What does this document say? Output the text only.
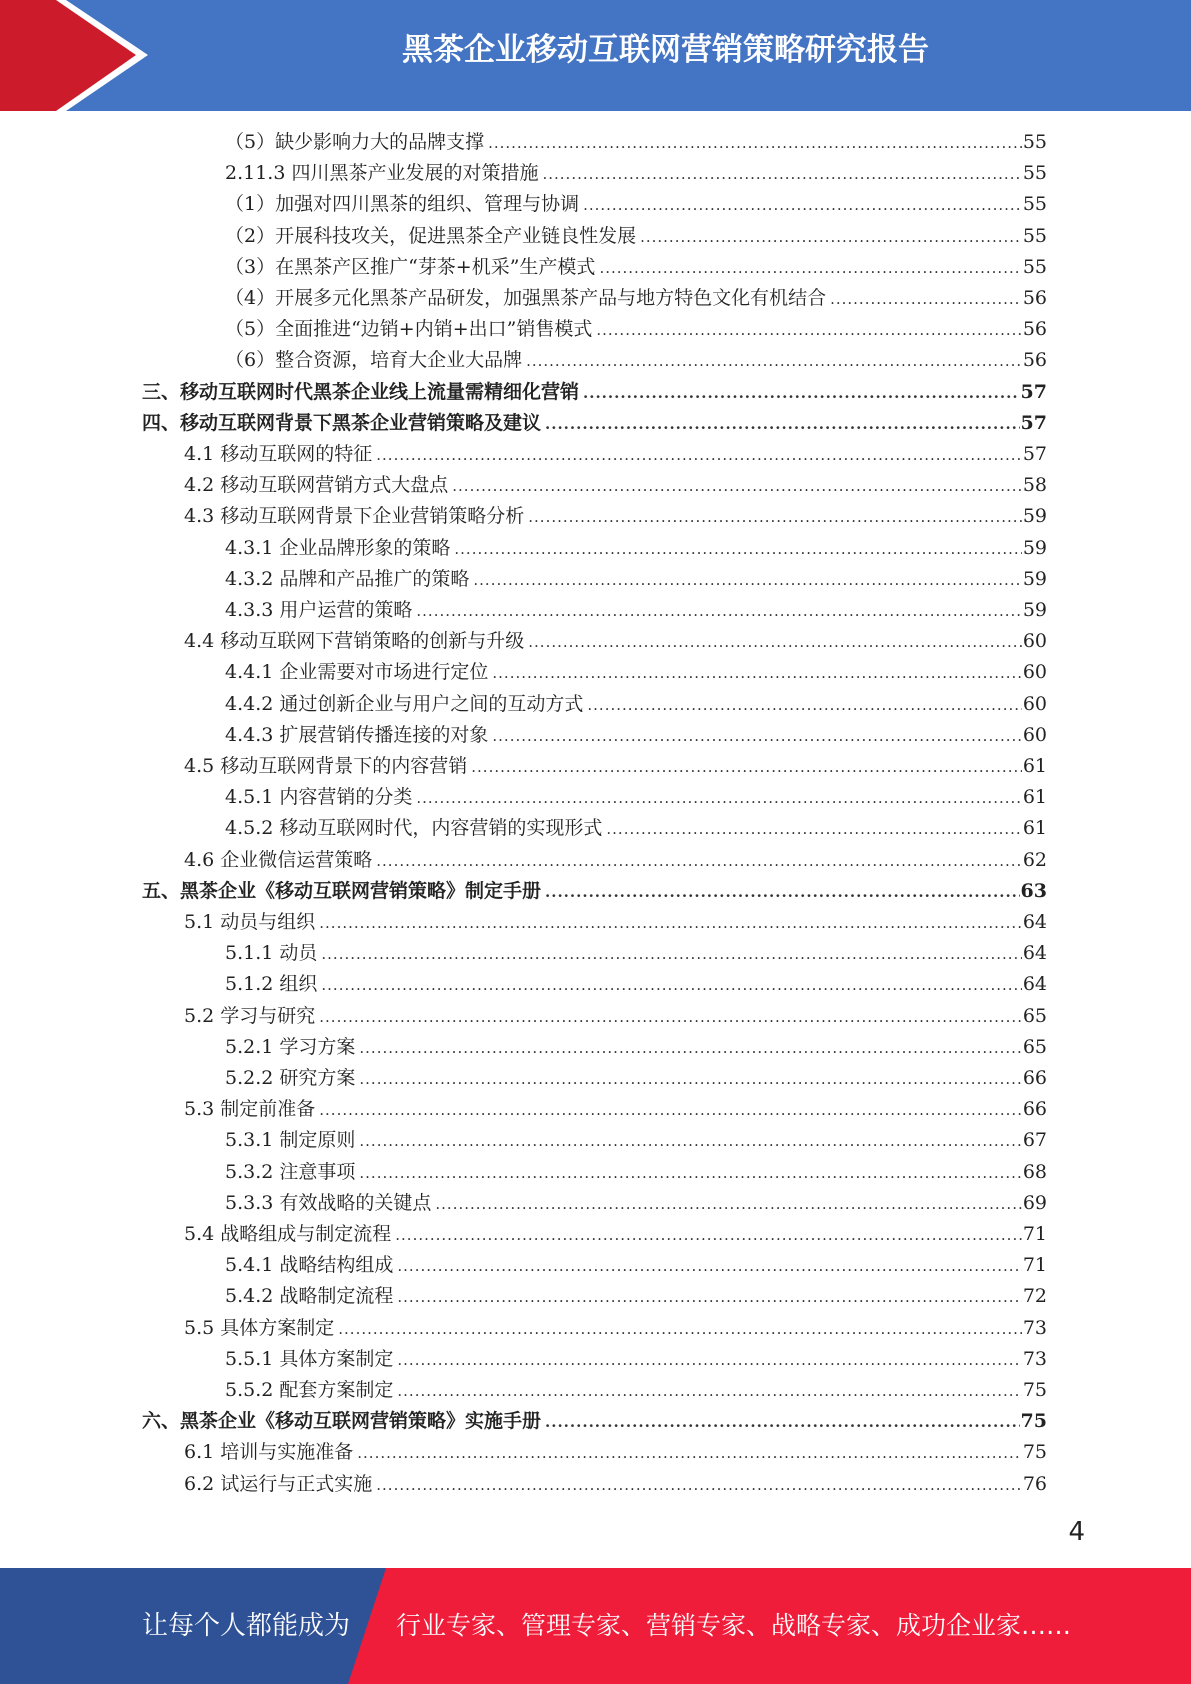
黑茶企业移动互联网营销策略研究报告
（5）缺少影响力大的品牌支撑 .....	55
2.11.3 四川黑茶产业发展的对策措施 .....	55
（1）加强对四川黑茶的组织、管理与协调 .....	55
（2）开展科技攻关，促进黑茶全产业链良性发展 .....	55
（3）在黑茶产区推广“芽茶+机采”生产模式 .....	55
（4）开展多元化黑茶产品研发，加强黑茶产品与地方特色文化有机结合 .....	56
（5）全面推进“边销+内销+出口”销售模式 .....	56
（6）整合资源，培育大企业大品牌 .....	56
三、移动互联网时代黑茶企业线上流量需精细化营销 .....	57
四、移动互联网背景下黑茶企业营销策略及建议 .....	57
4.1 移动互联网的特征 .....	57
4.2 移动互联网营销方式大盘点 .....	58
4.3 移动互联网背景下企业营销策略分析 .....	59
4.3.1 企业品牌形象的策略 .....	59
4.3.2 品牌和产品推广的策略 .....	59
4.3.3 用户运营的策略 .....	59
4.4 移动互联网下营销策略的创新与升级 .....	60
4.4.1 企业需要对市场进行定位 .....	60
4.4.2 通过创新企业与用户之间的互动方式 .....	60
4.4.3 扩展营销传播连接的对象 .....	60
4.5 移动互联网背景下的内容营销 .....	61
4.5.1 内容营销的分类 .....	61
4.5.2 移动互联网时代，内容营销的实现形式 .....	61
4.6 企业微信运营策略 .....	62
五、黑茶企业《移动互联网营销策略》制定手册 .....	63
5.1 动员与组织 .....	64
5.1.1 动员 .....	64
5.1.2 组织 .....	64
5.2 学习与研究 .....	65
5.2.1 学习方案 .....	65
5.2.2 研究方案 .....	66
5.3 制定前准备 .....	66
5.3.1 制定原则 .....	67
5.3.2 注意事项 .....	68
5.3.3 有效战略的关键点 .....	69
5.4 战略组成与制定流程 .....	71
5.4.1 战略结构组成 .....	71
5.4.2 战略制定流程 .....	72
5.5 具体方案制定 .....	73
5.5.1 具体方案制定 .....	73
5.5.2 配套方案制定 .....	75
六、黑茶企业《移动互联网营销策略》实施手册 .....	75
6.1 培训与实施准备 .....	75
6.2 试运行与正式实施 .....	76
4
让每个人都能成为 行业专家、管理专家、营销专家、战略专家、成功企业家……
